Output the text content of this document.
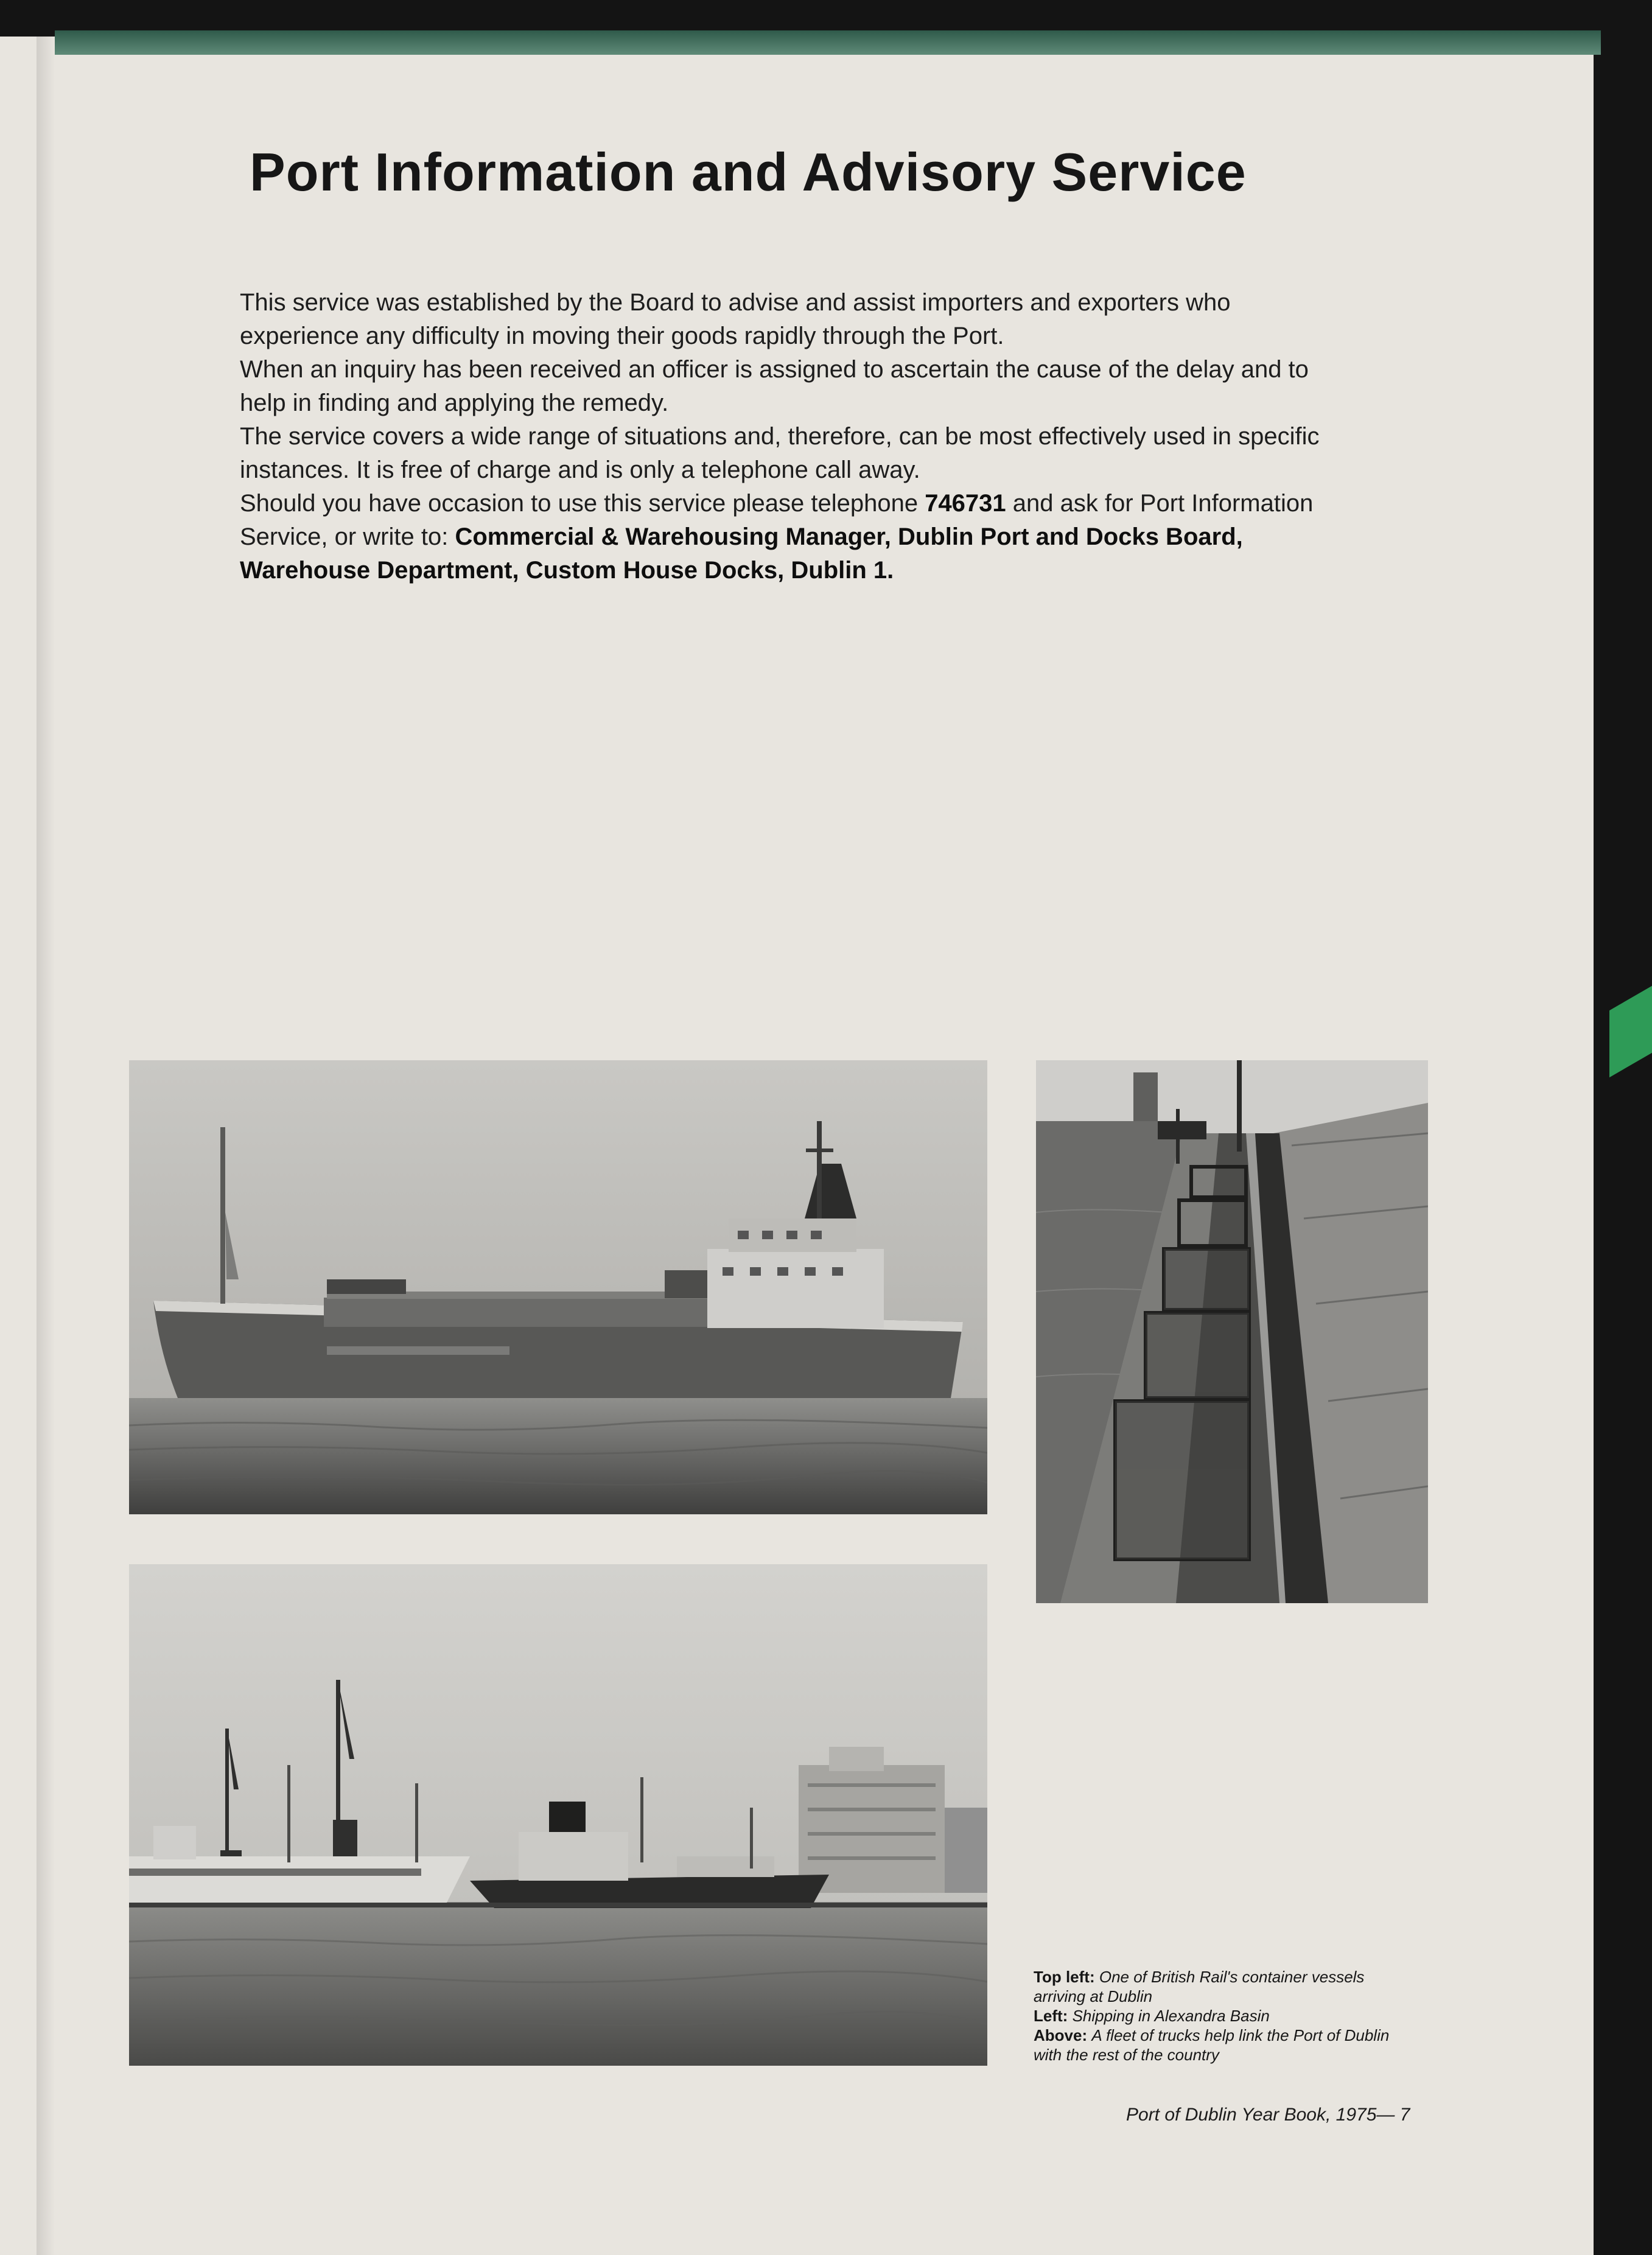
Port Information and Advisory Service

This service was established by the Board to advise and assist importers and exporters who experience any difficulty in moving their goods rapidly through the Port.

When an inquiry has been received an officer is assigned to ascertain the cause of the delay and to help in finding and applying the remedy.

The service covers a wide range of situations and, therefore, can be most effectively used in specific instances. It is free of charge and is only a telephone call away.

Should you have occasion to use this service please telephone 746731 and ask for Port Information Service, or write to: Commercial & Warehousing Manager, Dublin Port and Docks Board, Warehouse Department, Custom House Docks, Dublin 1.

Top left: One of British Rail's container vessels arriving at Dublin
Left: Shipping in Alexandra Basin
Above: A fleet of trucks help link the Port of Dublin with the rest of the country
Port of Dublin Year Book, 1975— 7
